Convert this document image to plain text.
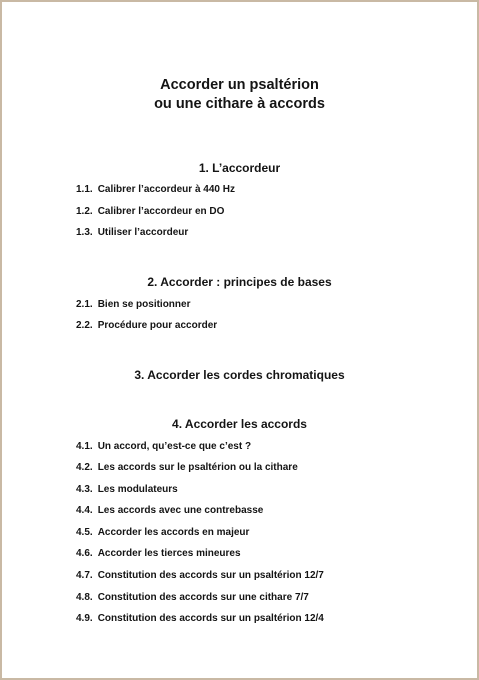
Accorder un psaltérion
ou une cithare à accords
1. L’accordeur
1.1. Calibrer l’accordeur à 440 Hz
1.2. Calibrer l’accordeur en DO
1.3. Utiliser l’accordeur
2. Accorder : principes de bases
2.1. Bien se positionner
2.2. Procédure pour accorder
3. Accorder les cordes chromatiques
4. Accorder les accords
4.1. Un accord, qu’est-ce que c’est ?
4.2. Les accords sur le psaltérion ou la cithare
4.3. Les modulateurs
4.4. Les accords avec une contrebasse
4.5. Accorder les accords en majeur
4.6. Accorder les tierces mineures
4.7. Constitution des accords sur un psaltérion 12/7
4.8. Constitution des accords sur une cithare 7/7
4.9. Constitution des accords sur un psaltérion 12/4
